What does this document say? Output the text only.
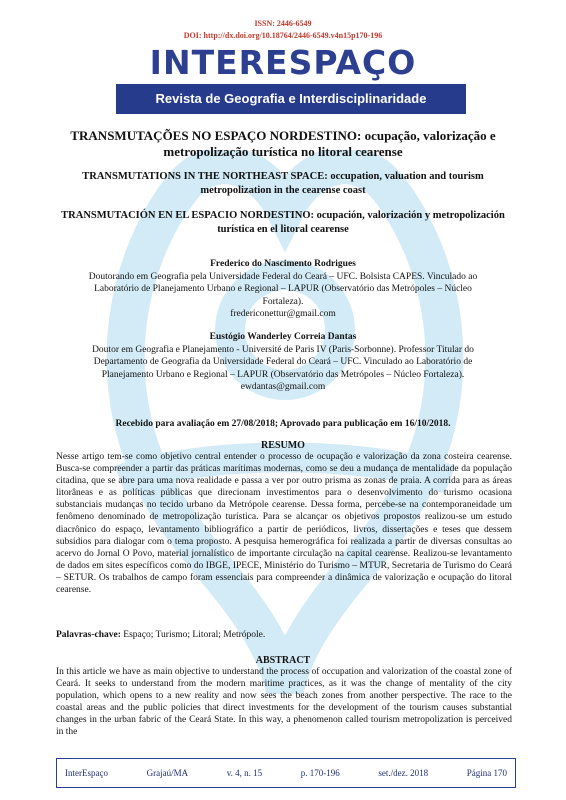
ISSN: 2446-6549
DOI: http://dx.doi.org/10.18764/2446-6549.v4n15p170-196
INTERESPAÇO
Revista de Geografia e Interdisciplinaridade
TRANSMUTAÇÕES NO ESPAÇO NORDESTINO: ocupação, valorização e metropolização turística no litoral cearense
TRANSMUTATIONS IN THE NORTHEAST SPACE: occupation, valuation and tourism metropolization in the cearense coast
TRANSMUTACIÓN EN EL ESPACIO NORDESTINO: ocupación, valorización y metropolización turística en el litoral cearense
Frederico do Nascimento Rodrigues
Doutorando em Geografia pela Universidade Federal do Ceará – UFC. Bolsista CAPES. Vinculado ao Laboratório de Planejamento Urbano e Regional – LAPUR (Observatório das Metrópoles – Núcleo Fortaleza).
fredericonettur@gmail.com
Eustógio Wanderley Correia Dantas
Doutor em Geografia e Planejamento - Université de Paris IV (Paris-Sorbonne). Professor Titular do Departamento de Geografia da Universidade Federal do Ceará – UFC. Vinculado ao Laboratório de Planejamento Urbano e Regional – LAPUR (Observatório das Metrópoles – Núcleo Fortaleza).
ewdantas@gmail.com
Recebido para avaliação em 27/08/2018; Aprovado para publicação em 16/10/2018.
RESUMO
Nesse artigo tem-se como objetivo central entender o processo de ocupação e valorização da zona costeira cearense. Busca-se compreender a partir das práticas marítimas modernas, como se deu a mudança de mentalidade da população citadina, que se abre para uma nova realidade e passa a ver por outro prisma as zonas de praia. A corrida para as áreas litorâneas e as políticas públicas que direcionam investimentos para o desenvolvimento do turismo ocasiona substanciais mudanças no tecido urbano da Metrópole cearense. Dessa forma, percebe-se na contemporaneidade um fenômeno denominado de metropolização turística. Para se alcançar os objetivos propostos realizou-se um estudo diacrônico do espaço, levantamento bibliográfico a partir de periódicos, livros, dissertações e teses que dessem subsídios para dialogar com o tema proposto. A pesquisa hemerográfica foi realizada a partir de diversas consultas ao acervo do Jornal O Povo, material jornalístico de importante circulação na capital cearense. Realizou-se levantamento de dados em sites específicos como do IBGE, IPECE, Ministério do Turismo – MTUR, Secretaria de Turismo do Ceará – SETUR. Os trabalhos de campo foram essenciais para compreender a dinâmica de valorização e ocupação do litoral cearense.
Palavras-chave: Espaço; Turismo; Litoral; Metrópole.
ABSTRACT
In this article we have as main objective to understand the process of occupation and valorization of the coastal zone of Ceará. It seeks to understand from the modern maritime practices, as it was the change of mentality of the city population, which opens to a new reality and now sees the beach zones from another perspective. The race to the coastal areas and the public policies that direct investments for the development of the tourism causes substantial changes in the urban fabric of the Ceará State. In this way, a phenomenon called tourism metropolization is perceived in the
InterEspaço	Grajaú/MA	v. 4, n. 15	p. 170-196	set./dez. 2018	Página 170
